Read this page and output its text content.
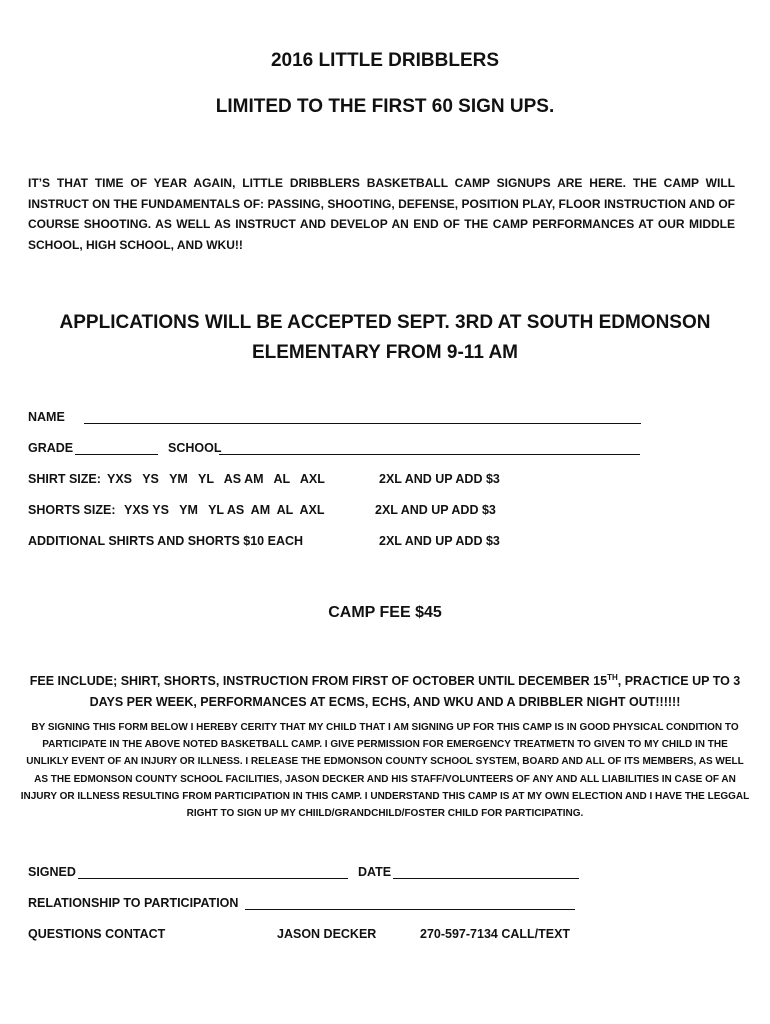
2016 LITTLE DRIBBLERS
LIMITED TO THE FIRST 60 SIGN UPS.
IT’S THAT TIME OF YEAR AGAIN, LITTLE DRIBBLERS BASKETBALL CAMP SIGNUPS ARE HERE. THE CAMP WILL INSTRUCT ON THE FUNDAMENTALS OF: PASSING, SHOOTING, DEFENSE, POSITION PLAY, FLOOR INSTRUCTION AND OF COURSE SHOOTING. AS WELL AS INSTRUCT AND DEVELOP AN END OF THE CAMP PERFORMANCES AT OUR MIDDLE SCHOOL, HIGH SCHOOL, AND WKU!!
APPLICATIONS WILL BE ACCEPTED SEPT. 3RD AT SOUTH EDMONSON
ELEMENTARY FROM 9-11 AM
NAME
GRADE	SCHOOL
SHIRT SIZE: YXS   YS   YM   YL   AS AM   AL   AXL	2XL AND UP ADD $3
SHORTS SIZE: YXS YS   YM   YL AS  AM  AL  AXL	2XL AND UP ADD $3
ADDITIONAL SHIRTS AND SHORTS $10 EACH	2XL AND UP ADD $3
CAMP FEE $45
FEE INCLUDE; SHIRT, SHORTS, INSTRUCTION FROM FIRST OF OCTOBER UNTIL DECEMBER 15TH, PRACTICE UP TO 3 DAYS PER WEEK, PERFORMANCES AT ECMS, ECHS, AND WKU AND A DRIBBLER NIGHT OUT!!!!!!
BY SIGNING THIS FORM BELOW I HEREBY CERITY THAT MY CHILD THAT I AM SIGNING UP FOR THIS CAMP IS IN GOOD PHYSICAL CONDITION TO PARTICIPATE IN THE ABOVE NOTED BASKETBALL CAMP. I GIVE PERMISSION FOR EMERGENCY TREATMETN TO GIVEN TO MY CHILD IN THE UNLIKLY EVENT OF AN INJURY OR ILLNESS. I RELEASE THE EDMONSON COUNTY SCHOOL SYSTEM, BOARD AND ALL OF ITS MEMBERS, AS WELL AS THE EDMONSON COUNTY SCHOOL FACILITIES, JASON DECKER AND HIS STAFF/VOLUNTEERS OF ANY AND ALL LIABILITIES IN CASE OF AN INJURY OR ILLNESS RESULTING FROM PARTICIPATION IN THIS CAMP. I UNDERSTAND THIS CAMP IS AT MY OWN ELECTION AND I HAVE THE LEGGAL RIGHT TO SIGN UP MY CHIILD/GRANDCHILD/FOSTER CHILD FOR PARTICIPATING.
SIGNED	DATE
RELATIONSHIP TO PARTICIPATION
QUESTIONS CONTACT	JASON DECKER	270-597-7134 CALL/TEXT
